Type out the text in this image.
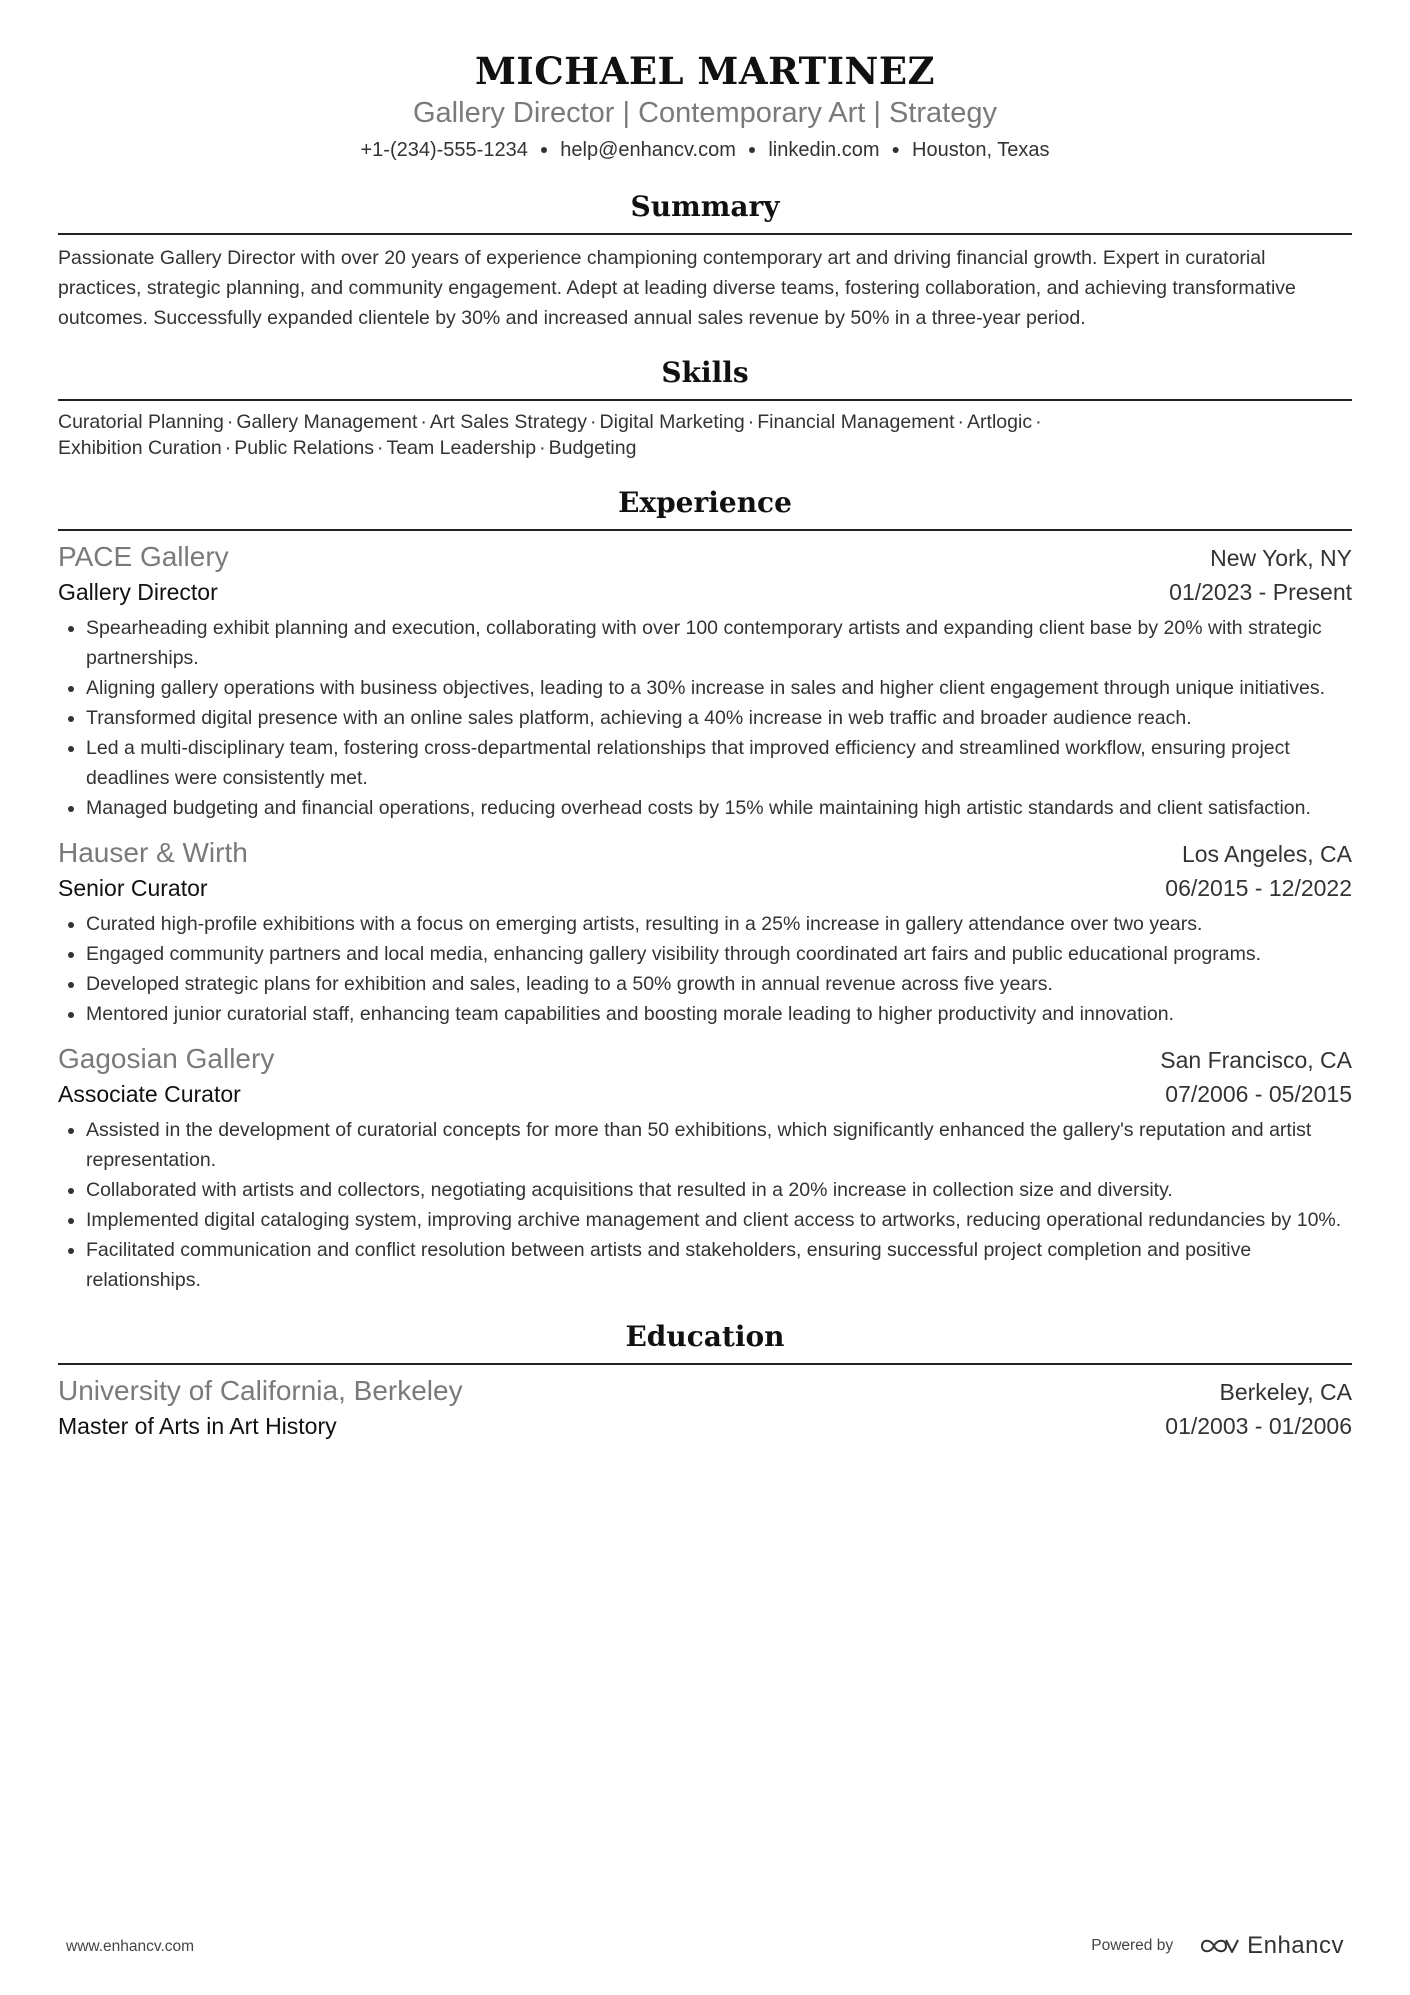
MICHAEL MARTINEZ
Gallery Director | Contemporary Art | Strategy
+1-(234)-555-1234 ● help@enhancv.com ● linkedin.com ● Houston, Texas
Summary
Passionate Gallery Director with over 20 years of experience championing contemporary art and driving financial growth. Expert in curatorial practices, strategic planning, and community engagement. Adept at leading diverse teams, fostering collaboration, and achieving transformative outcomes. Successfully expanded clientele by 30% and increased annual sales revenue by 50% in a three-year period.
Skills
Curatorial Planning · Gallery Management · Art Sales Strategy · Digital Marketing · Financial Management · Artlogic ·
Exhibition Curation · Public Relations · Team Leadership · Budgeting
Experience
PACE Gallery	New York, NY
Gallery Director	01/2023 - Present
• Spearheading exhibit planning and execution, collaborating with over 100 contemporary artists and expanding client base by 20% with strategic partnerships.
• Aligning gallery operations with business objectives, leading to a 30% increase in sales and higher client engagement through unique initiatives.
• Transformed digital presence with an online sales platform, achieving a 40% increase in web traffic and broader audience reach.
• Led a multi-disciplinary team, fostering cross-departmental relationships that improved efficiency and streamlined workflow, ensuring project deadlines were consistently met.
• Managed budgeting and financial operations, reducing overhead costs by 15% while maintaining high artistic standards and client satisfaction.
Hauser & Wirth	Los Angeles, CA
Senior Curator	06/2015 - 12/2022
• Curated high-profile exhibitions with a focus on emerging artists, resulting in a 25% increase in gallery attendance over two years.
• Engaged community partners and local media, enhancing gallery visibility through coordinated art fairs and public educational programs.
• Developed strategic plans for exhibition and sales, leading to a 50% growth in annual revenue across five years.
• Mentored junior curatorial staff, enhancing team capabilities and boosting morale leading to higher productivity and innovation.
Gagosian Gallery	San Francisco, CA
Associate Curator	07/2006 - 05/2015
• Assisted in the development of curatorial concepts for more than 50 exhibitions, which significantly enhanced the gallery's reputation and artist representation.
• Collaborated with artists and collectors, negotiating acquisitions that resulted in a 20% increase in collection size and diversity.
• Implemented digital cataloging system, improving archive management and client access to artworks, reducing operational redundancies by 10%.
• Facilitated communication and conflict resolution between artists and stakeholders, ensuring successful project completion and positive relationships.
Education
University of California, Berkeley	Berkeley, CA
Master of Arts in Art History	01/2003 - 01/2006
www.enhancv.com	Powered by	Enhancv
